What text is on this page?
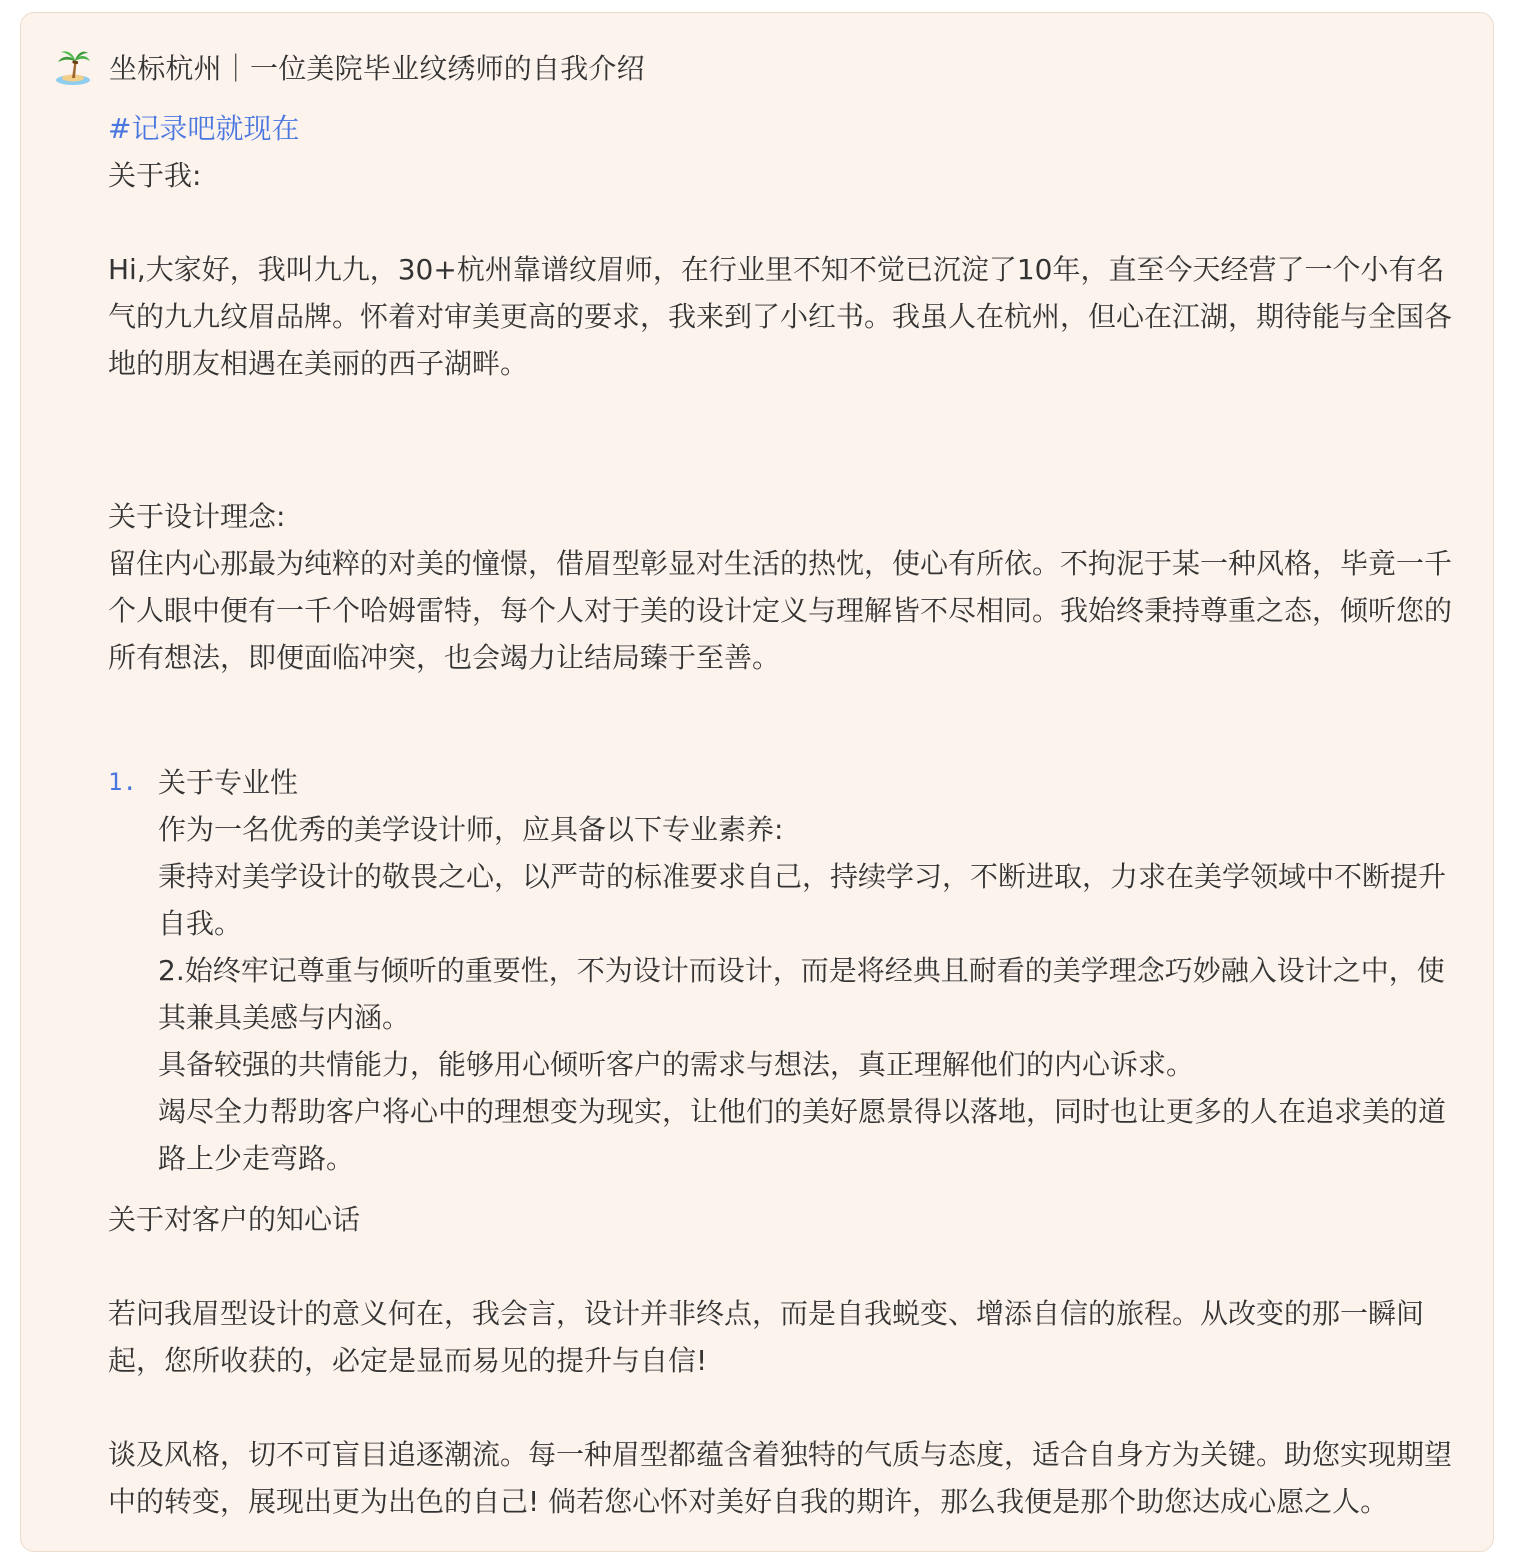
坐标杭州｜一位美院毕业纹绣师的自我介绍

#记录吧就现在

关于我:

Hi,大家好，我叫九九，30+杭州靠谱纹眉师，在行业里不知不觉已沉淀了10年，直至今天经营了一个小有名气的九九纹眉品牌。怀着对审美更高的要求，我来到了小红书。我虽人在杭州，但心在江湖，期待能与全国各地的朋友相遇在美丽的西子湖畔。

关于设计理念:

留住内心那最为纯粹的对美的憧憬，借眉型彰显对生活的热忱，使心有所依。不拘泥于某一种风格，毕竟一千个人眼中便有一千个哈姆雷特，每个人对于美的设计定义与理解皆不尽相同。我始终秉持尊重之态，倾听您的所有想法，即便面临冲突，也会竭力让结局臻于至善。

1. 关于专业性

作为一名优秀的美学设计师，应具备以下专业素养:

秉持对美学设计的敬畏之心，以严苛的标准要求自己，持续学习，不断进取，力求在美学领域中不断提升自我。

2.始终牢记尊重与倾听的重要性，不为设计而设计，而是将经典且耐看的美学理念巧妙融入设计之中，使其兼具美感与内涵。

具备较强的共情能力，能够用心倾听客户的需求与想法，真正理解他们的内心诉求。

竭尽全力帮助客户将心中的理想变为现实，让他们的美好愿景得以落地，同时也让更多的人在追求美的道路上少走弯路。

关于对客户的知心话

若问我眉型设计的意义何在，我会言，设计并非终点，而是自我蜕变、增添自信的旅程。从改变的那一瞬间起，您所收获的，必定是显而易见的提升与自信!

谈及风格，切不可盲目追逐潮流。每一种眉型都蕴含着独特的气质与态度，适合自身方为关键。助您实现期望中的转变，展现出更为出色的自己! 倘若您心怀对美好自我的期许，那么我便是那个助您达成心愿之人。
